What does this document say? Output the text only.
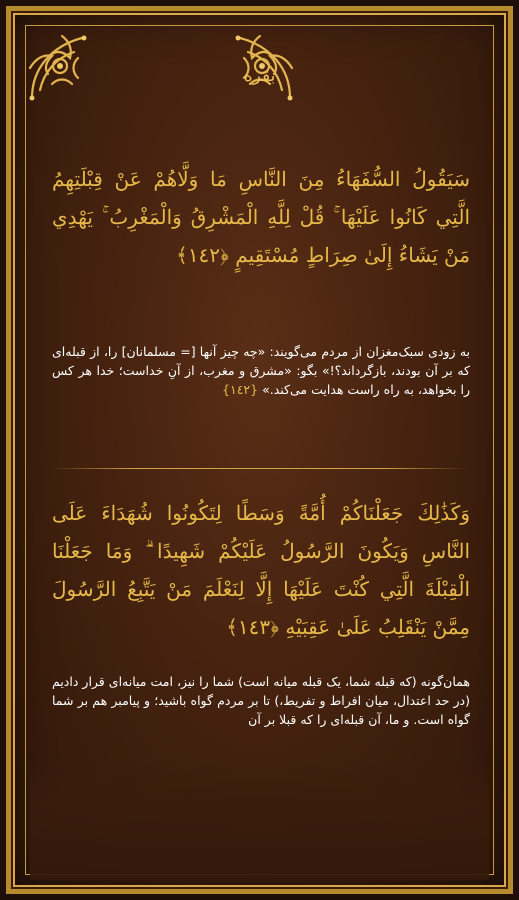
بقره
سَيَقُولُ السُّفَهَاءُ مِنَ النَّاسِ مَا وَلَّاهُمْ عَنْ قِبْلَتِهِمُ الَّتِي كَانُوا عَلَيْهَا ۚ قُلْ لِلَّهِ الْمَشْرِقُ وَالْمَغْرِبُ ۚ يَهْدِي مَنْ يَشَاءُ إِلَىٰ صِرَاطٍ مُسْتَقِيمٍ ﴿١٤٢﴾
به زودی سبک‌مغزان از مردم می‌گویند: «چه چیز آنها [= مسلمانان] را، از قبله‌ای که بر آن بودند، بازگرداند؟!» بگو: «مشرق و مغرب، از آنِ خداست؛ خدا هر کس را بخواهد، به راه راست هدایت می‌کند.» {١٤٢}
وَكَذَٰلِكَ جَعَلْنَاكُمْ أُمَّةً وَسَطًا لِتَكُونُوا شُهَدَاءَ عَلَى النَّاسِ وَيَكُونَ الرَّسُولُ عَلَيْكُمْ شَهِيدًا ۗ وَمَا جَعَلْنَا الْقِبْلَةَ الَّتِي كُنْتَ عَلَيْهَا إِلَّا لِنَعْلَمَ مَنْ يَتَّبِعُ الرَّسُولَ مِمَّنْ يَنْقَلِبُ عَلَىٰ عَقِبَيْهِ ﴿١٤٣﴾
همان‌گونه (که قبله شما، یک قبله میانه است) شما را نیز، امت میانه‌ای قرار دادیم (در حد اعتدال، میان افراط و تفریط،) تا بر مردم گواه باشید؛ و پیامبر هم بر شما گواه است. و ما، آن قبله‌ای را که قبلا بر آن
